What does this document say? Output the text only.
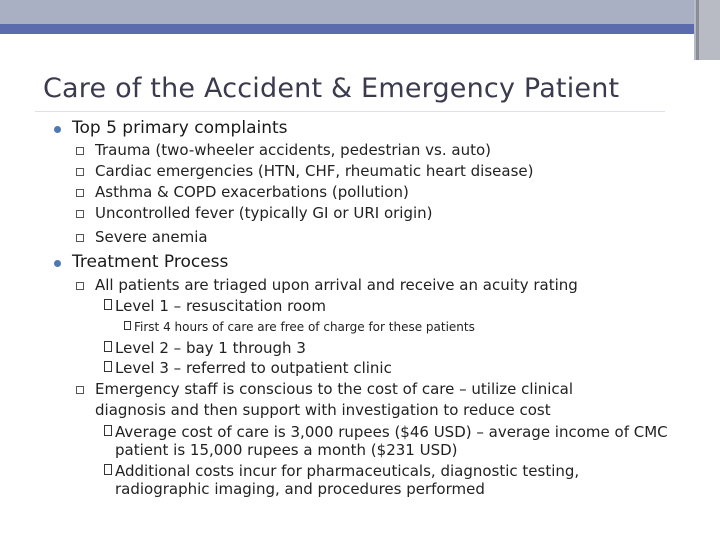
Care of the Accident & Emergency Patient
Top 5 primary complaints
Trauma (two-wheeler accidents, pedestrian vs. auto)
Cardiac emergencies (HTN, CHF, rheumatic heart disease)
Asthma & COPD exacerbations (pollution)
Uncontrolled fever (typically GI or URI origin)
Severe anemia
Treatment Process
All patients are triaged upon arrival and receive an acuity rating
Level 1 – resuscitation room
First 4 hours of care are free of charge for these patients
Level 2 – bay 1 through 3
Level 3 – referred to outpatient clinic
Emergency staff is conscious to the cost of care – utilize clinical
diagnosis and then support with investigation to reduce cost
Average cost of care is 3,000 rupees ($46 USD) – average income of CMC
patient is 15,000 rupees a month ($231 USD)
Additional costs incur for pharmaceuticals, diagnostic testing,
radiographic imaging, and procedures performed
